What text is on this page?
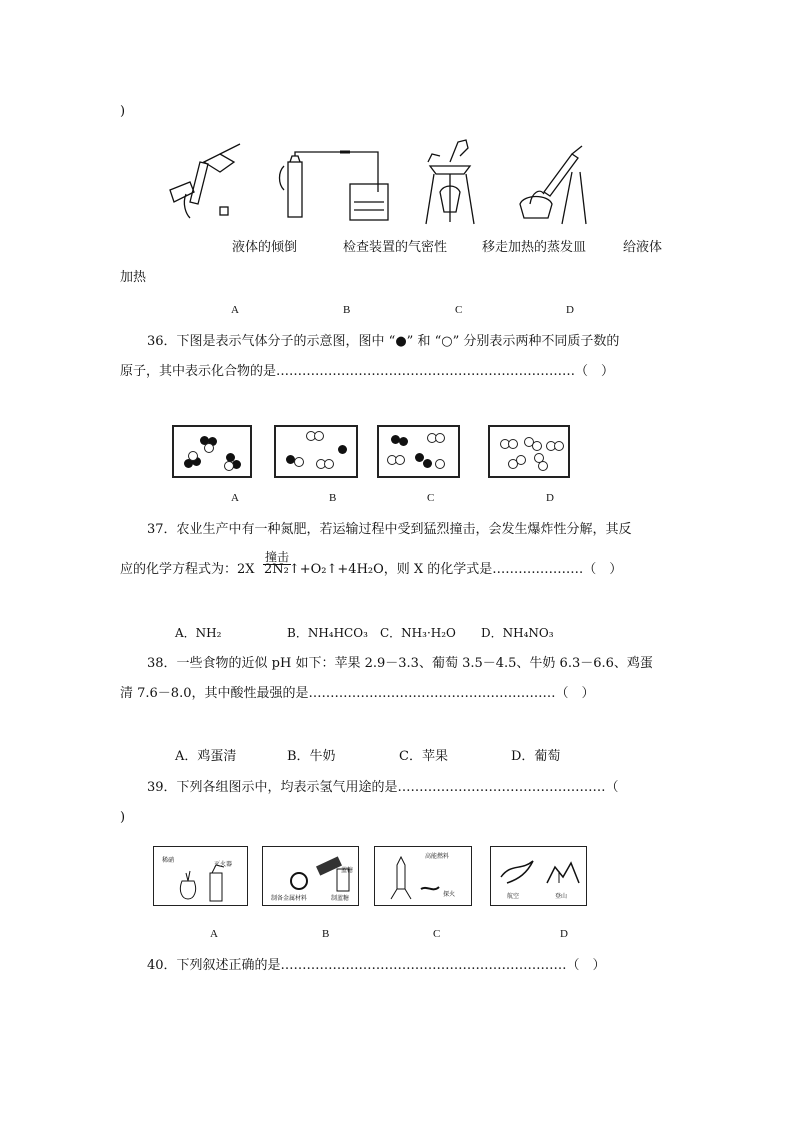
)
液体的倾倒	检查装置的气密性	移走加热的蒸发皿	给液体
加热
A	B	C	D
36．下图是表示气体分子的示意图，图中 “●” 和 “○” 分别表示两种不同质子数的
原子，其中表示化合物的是……………………………………………………………（　）
A	B	C	D
37．农业生产中有一种氮肥，若运输过程中受到猛烈撞击，会发生爆炸性分解，其反
应的化学方程式为：2X
撞击
2N₂↑+O₂↑+4H₂O，则 X 的化学式是…………………（　）
A．NH₂	B．NH₄HCO₃ C．NH₃·H₂O D．NH₄NO₃
38．一些食物的近似 pH 如下：苹果 2.9－3.3、葡萄 3.5－4.5、牛奶 6.3－6.6、鸡蛋
清 7.6－8.0，其中酸性最强的是…………………………………………………（　）
A．鸡蛋清	B．牛奶	C．苹果	D．葡萄
39．下列各组图示中，均表示氢气用途的是…………………………………………（
)
稀硝
灭火器
制备金属材料	制蓝糖
蓝糖
高能燃料
探火	航空	登山
A	B	C	D
40．下列叙述正确的是…………………………………………………………（　）
